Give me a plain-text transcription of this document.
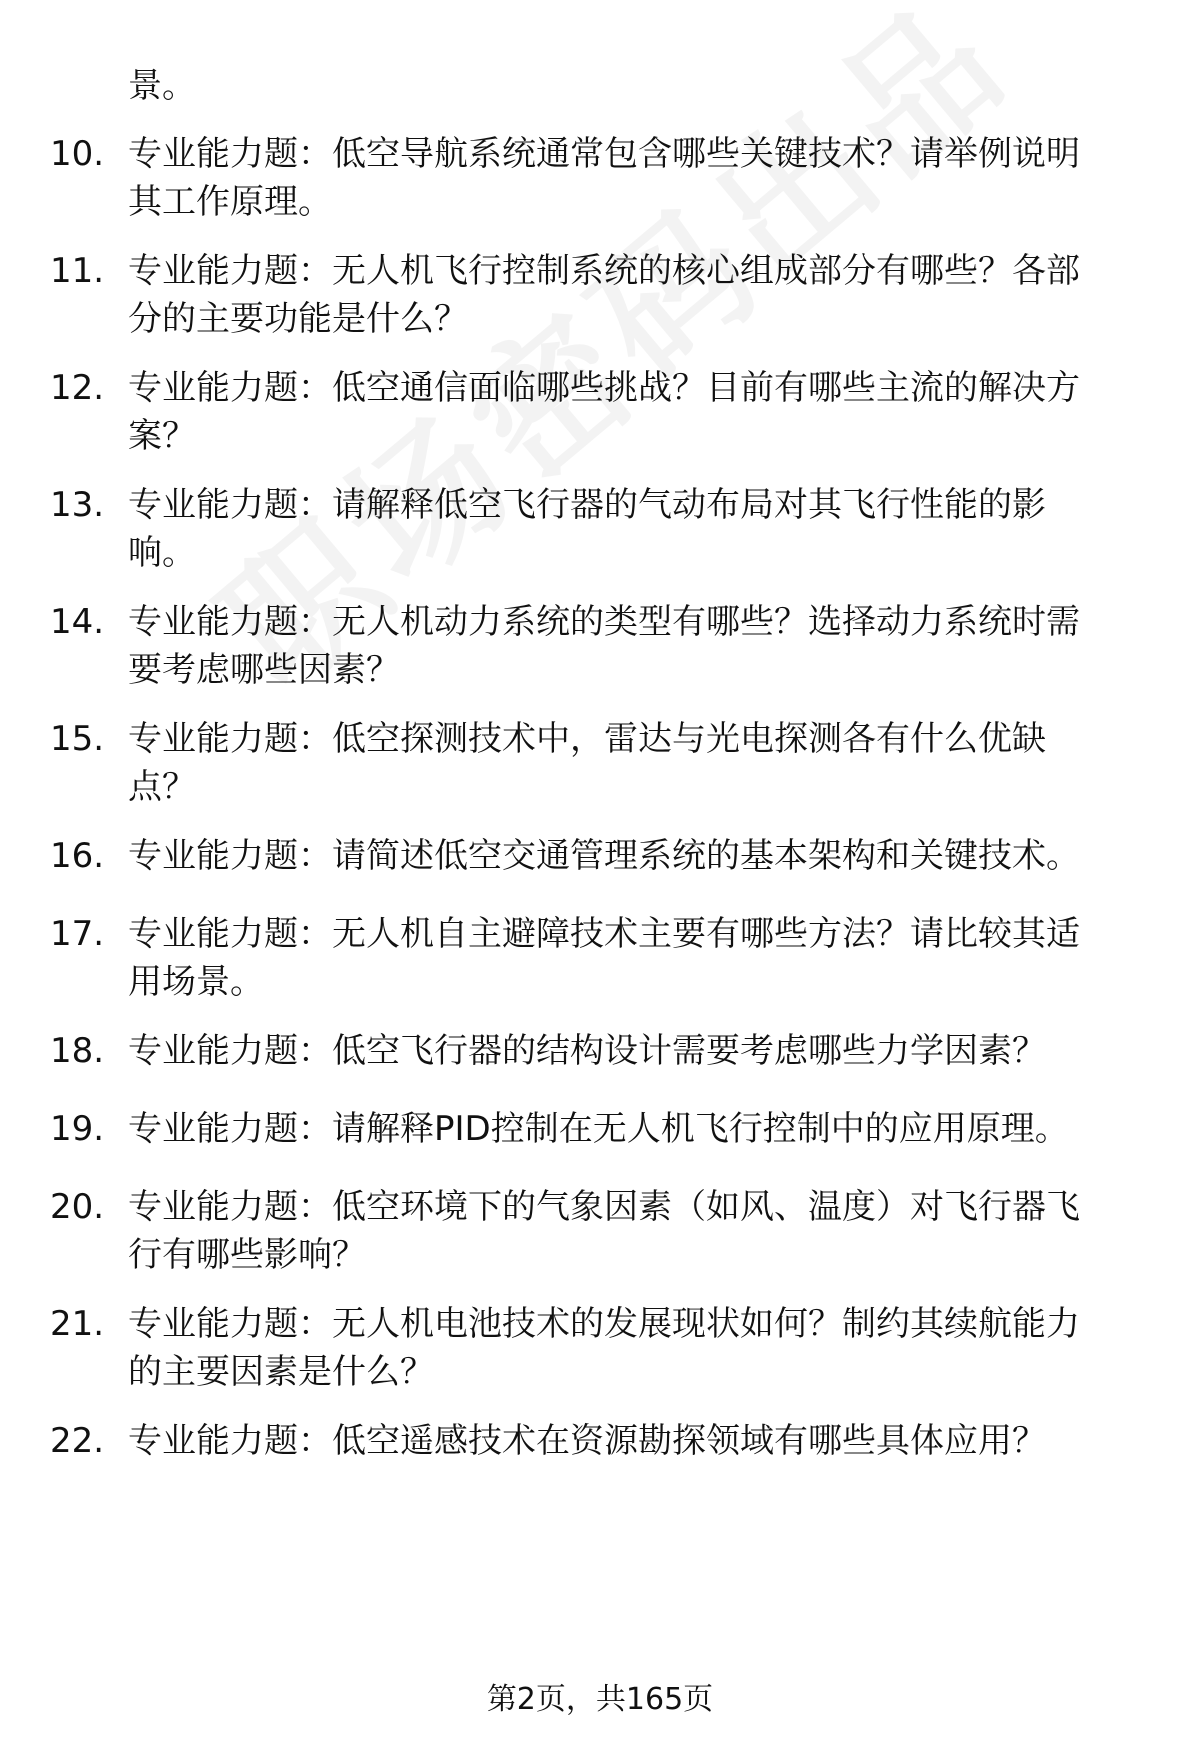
景。
10. 专业能力题：低空导航系统通常包含哪些关键技术？请举例说明
其工作原理。
11. 专业能力题：无人机飞行控制系统的核心组成部分有哪些？各部
分的主要功能是什么？
12. 专业能力题：低空通信面临哪些挑战？目前有哪些主流的解决方
案？
13. 专业能力题：请解释低空飞行器的气动布局对其飞行性能的影
响。
14. 专业能力题：无人机动力系统的类型有哪些？选择动力系统时需
要考虑哪些因素？
15. 专业能力题：低空探测技术中，雷达与光电探测各有什么优缺
点？
16. 专业能力题：请简述低空交通管理系统的基本架构和关键技术。
17. 专业能力题：无人机自主避障技术主要有哪些方法？请比较其适
用场景。
18. 专业能力题：低空飞行器的结构设计需要考虑哪些力学因素？
19. 专业能力题：请解释PID控制在无人机飞行控制中的应用原理。
20. 专业能力题：低空环境下的气象因素（如风、温度）对飞行器飞
行有哪些影响？
21. 专业能力题：无人机电池技术的发展现状如何？制约其续航能力
的主要因素是什么？
22. 专业能力题：低空遥感技术在资源勘探领域有哪些具体应用？
第2页，共165页
